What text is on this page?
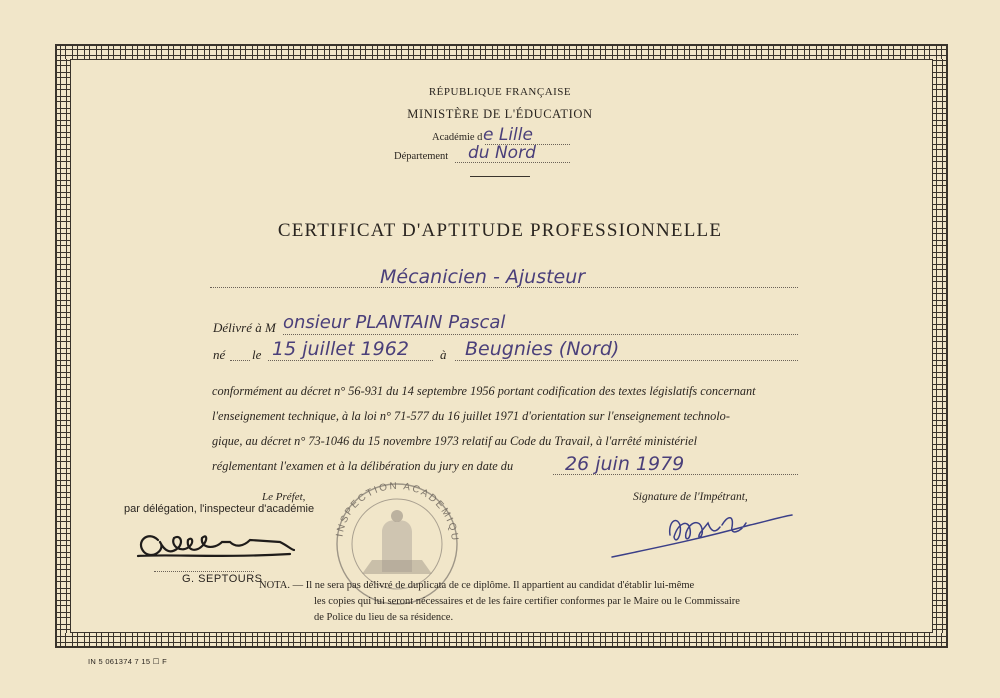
RÉPUBLIQUE FRANÇAISE
MINISTÈRE DE L'ÉDUCATION
Académie d e Lille
Département du Nord
CERTIFICAT D'APTITUDE PROFESSIONNELLE
Mécanicien - Ajusteur
Délivré à M onsieur PLANTAIN Pascal
né le 15 juillet 1962 à Beugnies (Nord)
conformément au décret n° 56-931 du 14 septembre 1956 portant codification des textes législatifs concernant
l'enseignement technique, à la loi n° 71-577 du 16 juillet 1971 d'orientation sur l'enseignement technolo-
gique, au décret n° 73-1046 du 15 novembre 1973 relatif au Code du Travail, à l'arrêté ministériel
réglementant l'examen et à la délibération du jury en date du	26 juin 1979
Le Préfet,
par délégation, l'inspecteur d'académie
G. SEPTOURS
INSPECTION ACADEMIQUE DU NORD
Signature de l'Impétrant,
NOTA. — Il ne sera pas délivré de duplicata de ce diplôme. Il appartient au candidat d'établir lui-même
les copies qui lui seront nécessaires et de les faire certifier conformes par le Maire ou le Commissaire
de Police du lieu de sa résidence.
IN 5 061374 7 15 ☐ F
